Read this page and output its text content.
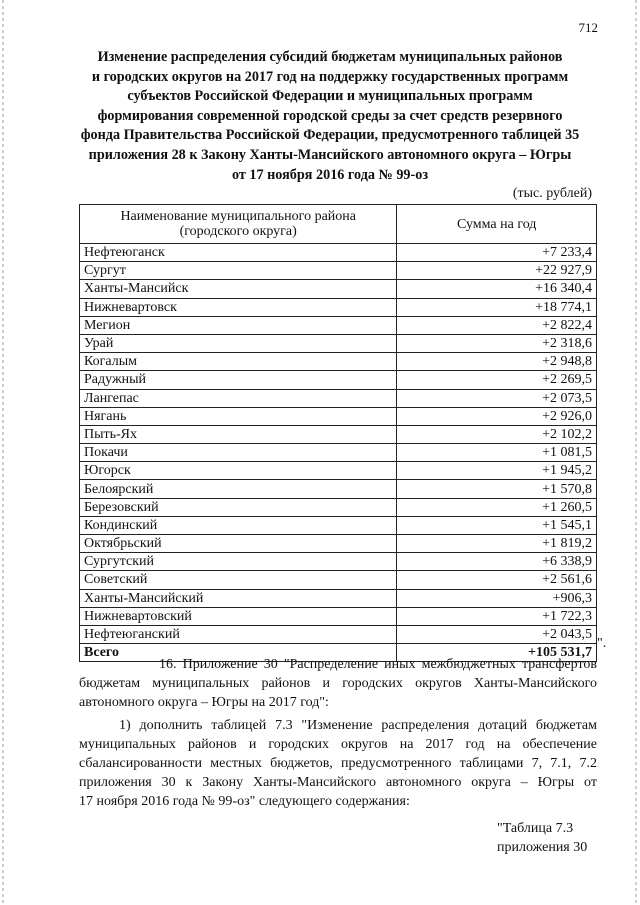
712
Изменение распределения субсидий бюджетам муниципальных районов
и городских округов на 2017 год на поддержку государственных программ
субъектов Российской Федерации и муниципальных программ
формирования современной городской среды за счет средств резервного
фонда Правительства Российской Федерации, предусмотренного таблицей 35
приложения 28 к Закону Ханты-Мансийского автономного округа – Югры
от 17 ноября 2016 года № 99-оз
(тыс. рублей)
Наименование муниципального района (городского округа)	Сумма на год
Нефтеюганск	+7 233,4
Сургут	+22 927,9
Ханты-Мансийск	+16 340,4
Нижневартовск	+18 774,1
Мегион	+2 822,4
Урай	+2 318,6
Когалым	+2 948,8
Радужный	+2 269,5
Лангепас	+2 073,5
Нягань	+2 926,0
Пыть-Ях	+2 102,2
Покачи	+1 081,5
Югорск	+1 945,2
Белоярский	+1 570,8
Березовский	+1 260,5
Кондинский	+1 545,1
Октябрьский	+1 819,2
Сургутский	+6 338,9
Советский	+2 561,6
Ханты-Мансийский	+906,3
Нижневартовский	+1 722,3
Нефтеюганский	+2 043,5
Всего	+105 531,7
".
16. Приложение 30 "Распределение иных межбюджетных трансфертов
бюджетам муниципальных районов и городских округов Ханты-Мансийского
автономного округа – Югры на 2017 год":
1) дополнить таблицей 7.3 "Изменение распределения дотаций бюджетам
муниципальных районов и городских округов на 2017 год на обеспечение
сбалансированности местных бюджетов, предусмотренного таблицами 7, 7.1, 7.2
приложения 30 к Закону Ханты-Мансийского автономного округа – Югры от
17 ноября 2016 года № 99-оз" следующего содержания:
"Таблица 7.3
приложения 30
